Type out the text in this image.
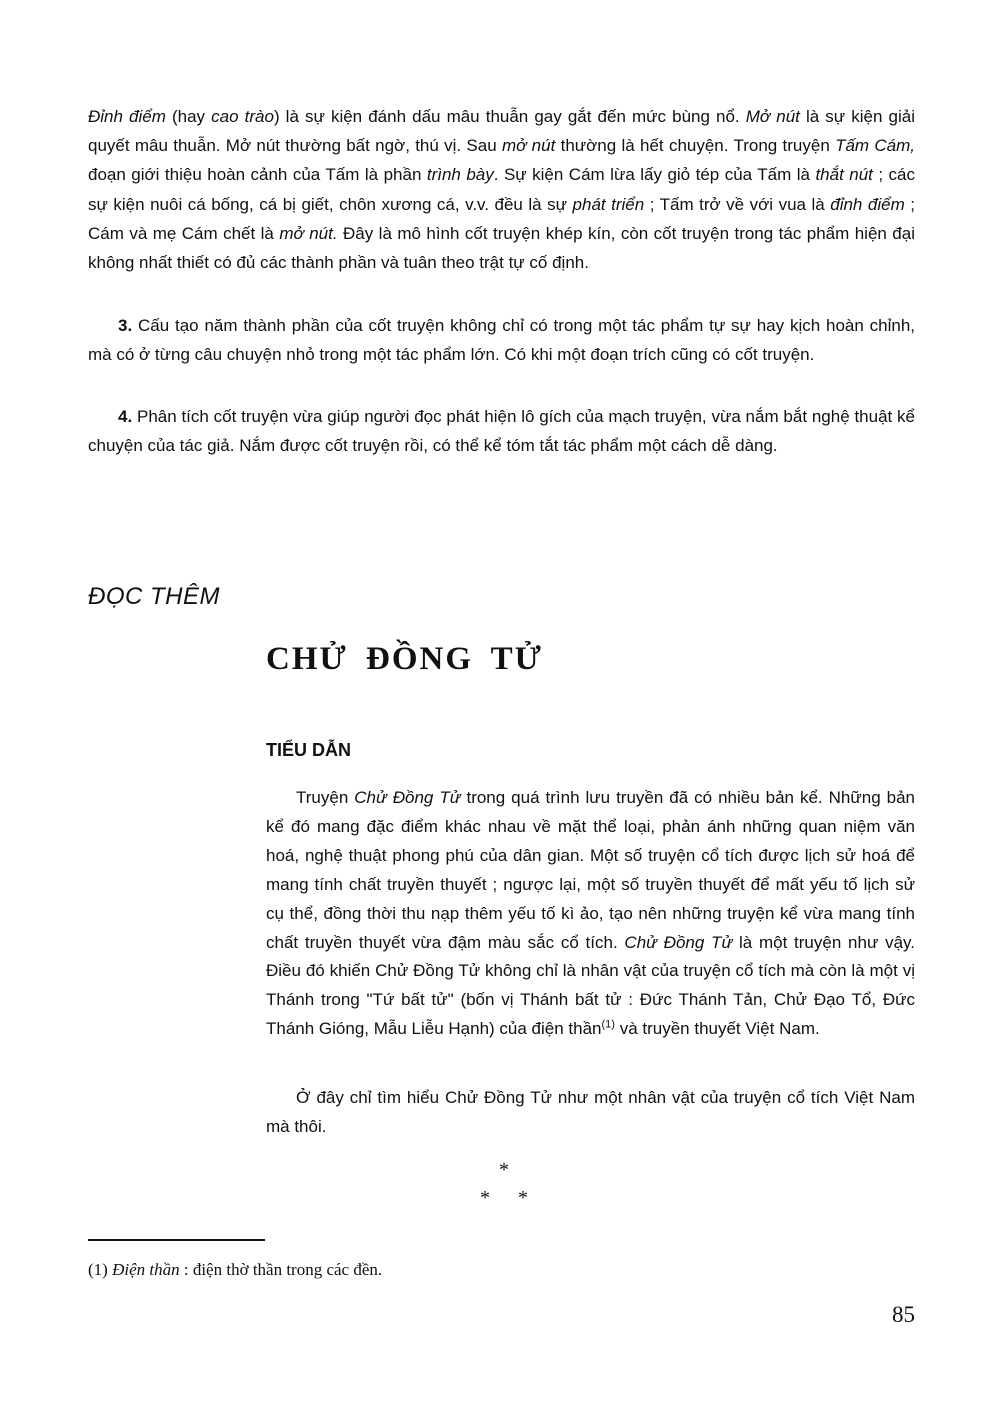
Đỉnh điểm (hay cao trào) là sự kiện đánh dấu mâu thuẫn gay gắt đến mức bùng nổ. Mở nút là sự kiện giải quyết mâu thuẫn. Mở nút thường bất ngờ, thú vị. Sau mở nút thường là hết chuyện. Trong truyện Tấm Cám, đoạn giới thiệu hoàn cảnh của Tấm là phần trình bày. Sự kiện Cám lừa lấy giỏ tép của Tấm là thắt nút ; các sự kiện nuôi cá bống, cá bị giết, chôn xương cá, v.v. đều là sự phát triển ; Tấm trở về với vua là đỉnh điểm ; Cám và mẹ Cám chết là mở nút. Đây là mô hình cốt truyện khép kín, còn cốt truyện trong tác phẩm hiện đại không nhất thiết có đủ các thành phần và tuân theo trật tự cố định.

3. Cấu tạo năm thành phần của cốt truyện không chỉ có trong một tác phẩm tự sự hay kịch hoàn chỉnh, mà có ở từng câu chuyện nhỏ trong một tác phẩm lớn. Có khi một đoạn trích cũng có cốt truyện.

4. Phân tích cốt truyện vừa giúp người đọc phát hiện lô gích của mạch truyện, vừa nắm bắt nghệ thuật kể chuyện của tác giả. Nắm được cốt truyện rồi, có thể kể tóm tắt tác phẩm một cách dễ dàng.

ĐỌC THÊM
CHỬ ĐỒNG TỬ
TIỂU DẪN
Truyện Chử Đồng Tử trong quá trình lưu truyền đã có nhiều bản kể. Những bản kể đó mang đặc điểm khác nhau về mặt thể loại, phản ánh những quan niệm văn hoá, nghệ thuật phong phú của dân gian. Một số truyện cổ tích được lịch sử hoá để mang tính chất truyền thuyết ; ngược lại, một số truyền thuyết để mất yếu tố lịch sử cụ thể, đồng thời thu nạp thêm yếu tố kì ảo, tạo nên những truyện kể vừa mang tính chất truyền thuyết vừa đậm màu sắc cổ tích. Chử Đồng Tử là một truyện như vậy. Điều đó khiến Chử Đồng Tử không chỉ là nhân vật của truyện cổ tích mà còn là một vị Thánh trong "Tứ bất tử" (bốn vị Thánh bất tử : Đức Thánh Tản, Chử Đạo Tổ, Đức Thánh Gióng, Mẫu Liễu Hạnh) của điện thần$^{(1)}$ và truyền thuyết Việt Nam.
Ở đây chỉ tìm hiểu Chử Đồng Tử như một nhân vật của truyện cổ tích Việt Nam mà thôi.
*
* *
(1) Điện thần : điện thờ thần trong các đền.
85
